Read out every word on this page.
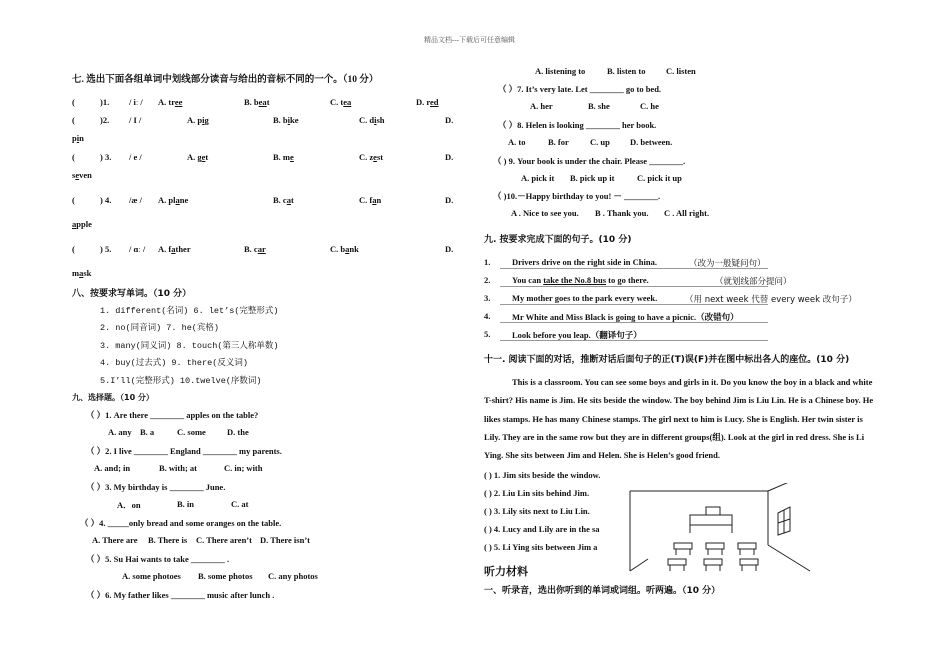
精品文档---下载后可任意编辑
七. 选出下面各组单词中划线部分读音与给出的音标不同的一个。（10 分）
(	)1. / iː / A. tree	B. beat	C. tea	D. red
(	)2. / I /	A. pig	B. bike	C. dish	D.
pin
(	) 3. / e /	A. get	B. me	C. zest	D.
seven
(	) 4. /æ / A. plane	B. cat	C. fan	D.
apple
(	) 5. / ɑː / A. father	B. car	C. bank	D.
mask
八、按要求写单词。（10 分）
1. different(名词) 6. let’s(完整形式)
2. no(同音词) 7. he(宾格)
3. many(同义词) 8. touch(第三人称单数)
4. buy(过去式) 9. there(反义词)
5.I’ll(完整形式) 10.twelve(序数词)
九、选择题。（10 分）
（ ）1. Are there ________ apples on the table?
A. any B. a	C. some D. the
（ ）2. I live ________ England ________ my parents.
A. and; in	B. with; at	C. in; with
（ ）3. My birthday is ________ June.
A．on	B. in	C. at
（ ）4. _____only bread and some oranges on the table.
A. There are B. There is C. There aren’t D. There isn’t
（ ）5. Su Hai wants to take ________ .
A. some photoes B. some photos C. any photos
（ ）6. My father likes ________ music after lunch .
A. listening to	B. listen to C. listen
（ ）7. It’s very late. Let ________ go to bed.
A. her	B. she	C. he
（ ）8. Helen is looking ________ her book.
A. to	B. for C. up D. between.
（ ) 9. Your book is under the chair. Please ________.
A. pick it B. pick up it	C. pick it up
（ )10.－Happy birthday to you! － ________.
A . Nice to see you. B . Thank you. C . All right.
九. 按要求完成下面的句子。(10 分)
1.	Drivers drive on the right side in China.	（改为一般疑问句）
2.	You can take the No.8 bus to go there.	（就划线部分提问）
3.	My mother goes to the park every week.	（用 next week 代替 every week 改句子）
4.	Mr White and Miss Black is going to have a picnic.（改错句）
5.	Look before you leap.（翻译句子）
十一. 阅读下面的对话，推断对话后面句子的正(T)误(F)并在图中标出各人的座位。(10 分)
This is a classroom. You can see some boys and girls in it. Do you know the boy in a black and white T-shirt? His name is Jim. He sits beside the window. The boy behind Jim is Liu Lin. He is a Chinese boy. He likes stamps. He has many Chinese stamps. The girl next to him is Lucy. She is English. Her twin sister is Lily. They are in the same row but they are in different groups(组). Look at the girl in red dress. She is Li Ying. She sits between Jim and Helen. She is Helen’s good friend.
( ) 1. Jim sits beside the window.
( ) 2. Liu Lin sits behind Jim.
( ) 3. Lily sits next to Liu Lin.
( ) 4. Lucy and Lily are in the sa
( ) 5. Li Ying sits between Jim a
听力材料
一、听录音，选出你听到的单词或词组。听两遍。（10 分）
